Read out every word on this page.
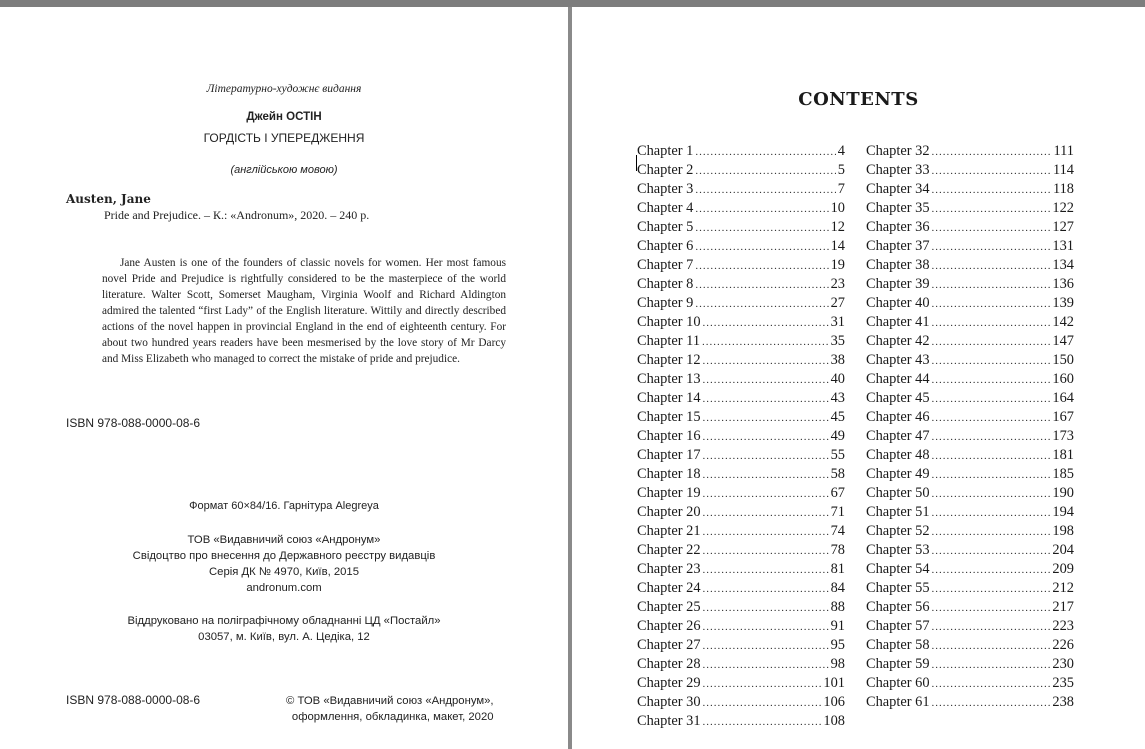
Літературно-художнє видання
Джейн ОСТІН
ГОРДІСТЬ І УПЕРЕДЖЕННЯ
(англійською мовою)
Austen, Jane
Pride and Prejudice. – К.: «Andronum», 2020. – 240 р.

Jane Austen is one of the founders of classic novels for women. Her most famous novel Pride and Prejudice is rightfully considered to be the masterpiece of the world literature. Walter Scott, Somerset Maugham, Virginia Woolf and Richard Aldington admired the talented “first Lady” of the English literature. Wittily and directly described actions of the novel happen in provincial England in the end of eighteenth century. For about two hundred years readers have been mesmerised by the love story of Mr Darcy and Miss Elizabeth who managed to correct the mistake of pride and prejudice.

ISBN 978-088-0000-08-6
Формат 60×84/16. Гарнітура Alegreya
ТОВ «Видавничий союз «Андронум»
Свідоцтво про внесення до Державного реєстру видавців
Серія ДК № 4970, Київ, 2015
andronum.com
Віддруковано на поліграфічному обладнанні ЦД «Постайл»
03057, м. Київ, вул. А. Цедіка, 12
ISBN 978-088-0000-08-6	© ТОВ «Видавничий союз «Андронум»,
оформлення, обкладинка, макет, 2020
CONTENTS
Chapter 1 .....	4
Chapter 2 .....	5
Chapter 3 .....	7
Chapter 4 .....	10
Chapter 5 .....	12
Chapter 6 .....	14
Chapter 7 .....	19
Chapter 8 .....	23
Chapter 9 .....	27
Chapter 10 .....	31
Chapter 11 .....	35
Chapter 12 .....	38
Chapter 13 .....	40
Chapter 14 .....	43
Chapter 15 .....	45
Chapter 16 .....	49
Chapter 17 .....	55
Chapter 18 .....	58
Chapter 19 .....	67
Chapter 20 .....	71
Chapter 21 .....	74
Chapter 22 .....	78
Chapter 23 .....	81
Chapter 24 .....	84
Chapter 25 .....	88
Chapter 26 .....	91
Chapter 27 .....	95
Chapter 28 .....	98
Chapter 29 .....	101
Chapter 30 .....	106
Chapter 31 .....	108
Chapter 32 .....	111
Chapter 33 .....	114
Chapter 34 .....	118
Chapter 35 .....	122
Chapter 36 .....	127
Chapter 37 .....	131
Chapter 38 .....	134
Chapter 39 .....	136
Chapter 40 .....	139
Chapter 41 .....	142
Chapter 42 .....	147
Chapter 43 .....	150
Chapter 44 .....	160
Chapter 45 .....	164
Chapter 46 .....	167
Chapter 47 .....	173
Chapter 48 .....	181
Chapter 49 .....	185
Chapter 50 .....	190
Chapter 51 .....	194
Chapter 52 .....	198
Chapter 53 .....	204
Chapter 54 .....	209
Chapter 55 .....	212
Chapter 56 .....	217
Chapter 57 .....	223
Chapter 58 .....	226
Chapter 59 .....	230
Chapter 60 .....	235
Chapter 61 .....	238
